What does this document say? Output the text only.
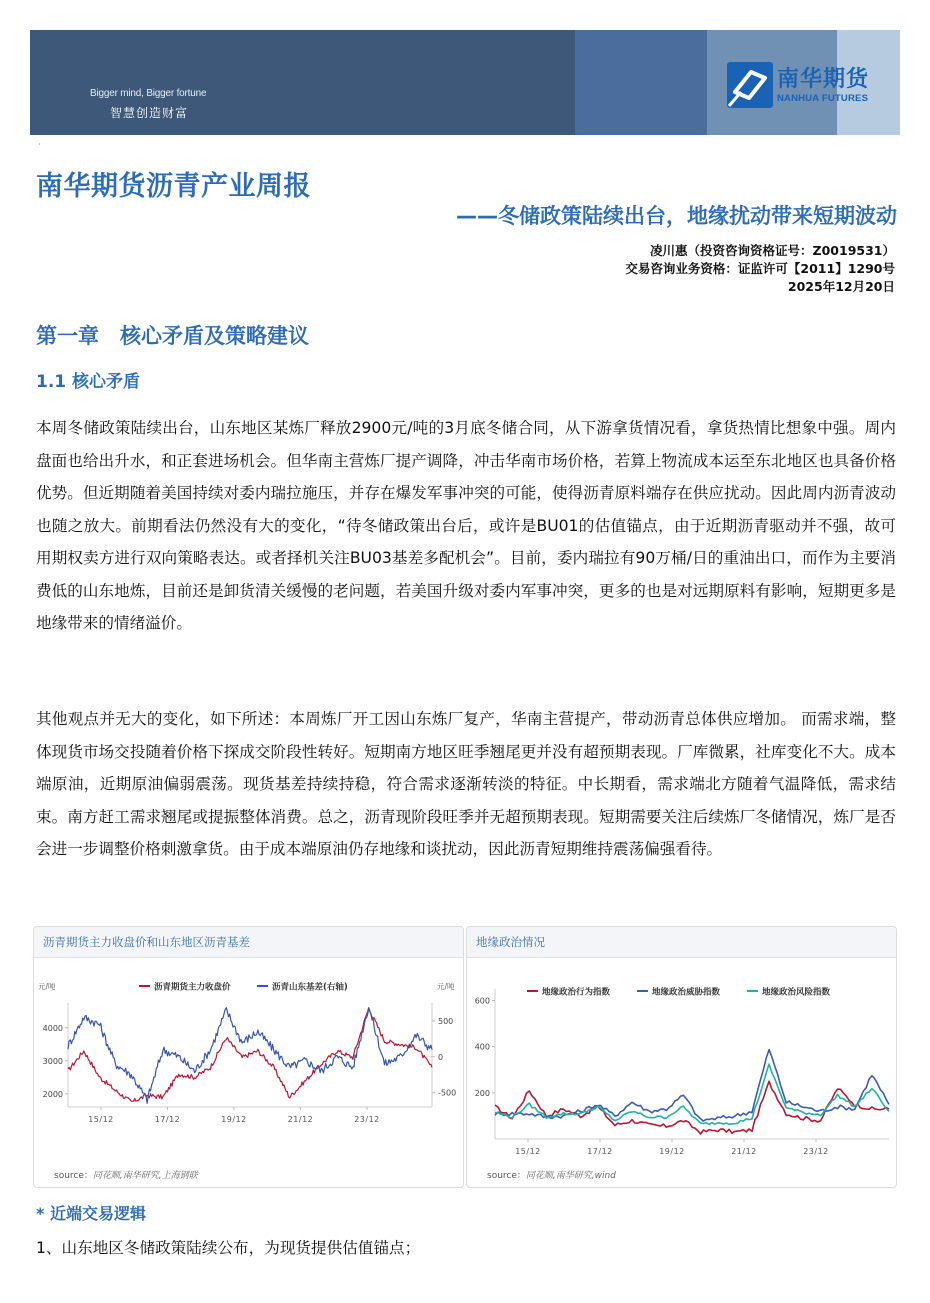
Bigger mind, Bigger fortune
智慧创造财富
南华期货
NANHUA FUTURES
·
南华期货沥青产业周报
——冬储政策陆续出台，地缘扰动带来短期波动
凌川惠（投资咨询资格证号：Z0019531）
交易咨询业务资格：证监许可【2011】1290号
2025年12月20日
第一章　核心矛盾及策略建议
1.1 核心矛盾

本周冬储政策陆续出台，山东地区某炼厂释放2900元/吨的3月底冬储合同，从下游拿货情况看，拿货热情比想象中强。周内盘面也给出升水，和正套进场机会。但华南主营炼厂提产调降，冲击华南市场价格，若算上物流成本运至东北地区也具备价格优势。但近期随着美国持续对委内瑞拉施压，并存在爆发军事冲突的可能，使得沥青原料端存在供应扰动。因此周内沥青波动也随之放大。前期看法仍然没有大的变化，“待冬储政策出台后，或许是BU01的估值锚点，由于近期沥青驱动并不强，故可用期权卖方进行双向策略表达。或者择机关注BU03基差多配机会”。目前，委内瑞拉有90万桶/日的重油出口，而作为主要消费低的山东地炼，目前还是卸货清关缓慢的老问题，若美国升级对委内军事冲突，更多的也是对远期原料有影响，短期更多是地缘带来的情绪溢价。

其他观点并无大的变化，如下所述：本周炼厂开工因山东炼厂复产，华南主营提产，带动沥青总体供应增加。 而需求端，整体现货市场交投随着价格下探成交阶段性转好。短期南方地区旺季翘尾更并没有超预期表现。厂库微累，社库变化不大。成本端原油，近期原油偏弱震荡。现货基差持续持稳，符合需求逐渐转淡的特征。中长期看，需求端北方随着气温降低，需求结束。南方赶工需求翘尾或提振整体消费。总之，沥青现阶段旺季并无超预期表现。短期需要关注后续炼厂冬储情况，炼厂是否会进一步调整价格刺激拿货。由于成本端原油仍存地缘和谈扰动，因此沥青短期维持震荡偏强看待。

沥青期货主力收盘价和山东地区沥青基差
沥青期货主力收盘价	沥青山东基差(右轴)
元/吨	元/吨
2000
3000
4000
-500
0
500
15/12	17/12	19/12	21/12	23/12
source：同花顺,南华研究,上海钢联
地缘政治情况
地缘政治行为指数	地缘政治威胁指数	地缘政治风险指数
200
400
600
15/12	17/12	19/12	21/12	23/12
source：同花顺,南华研究,wind
* 近端交易逻辑
1、山东地区冬储政策陆续公布，为现货提供估值锚点；
